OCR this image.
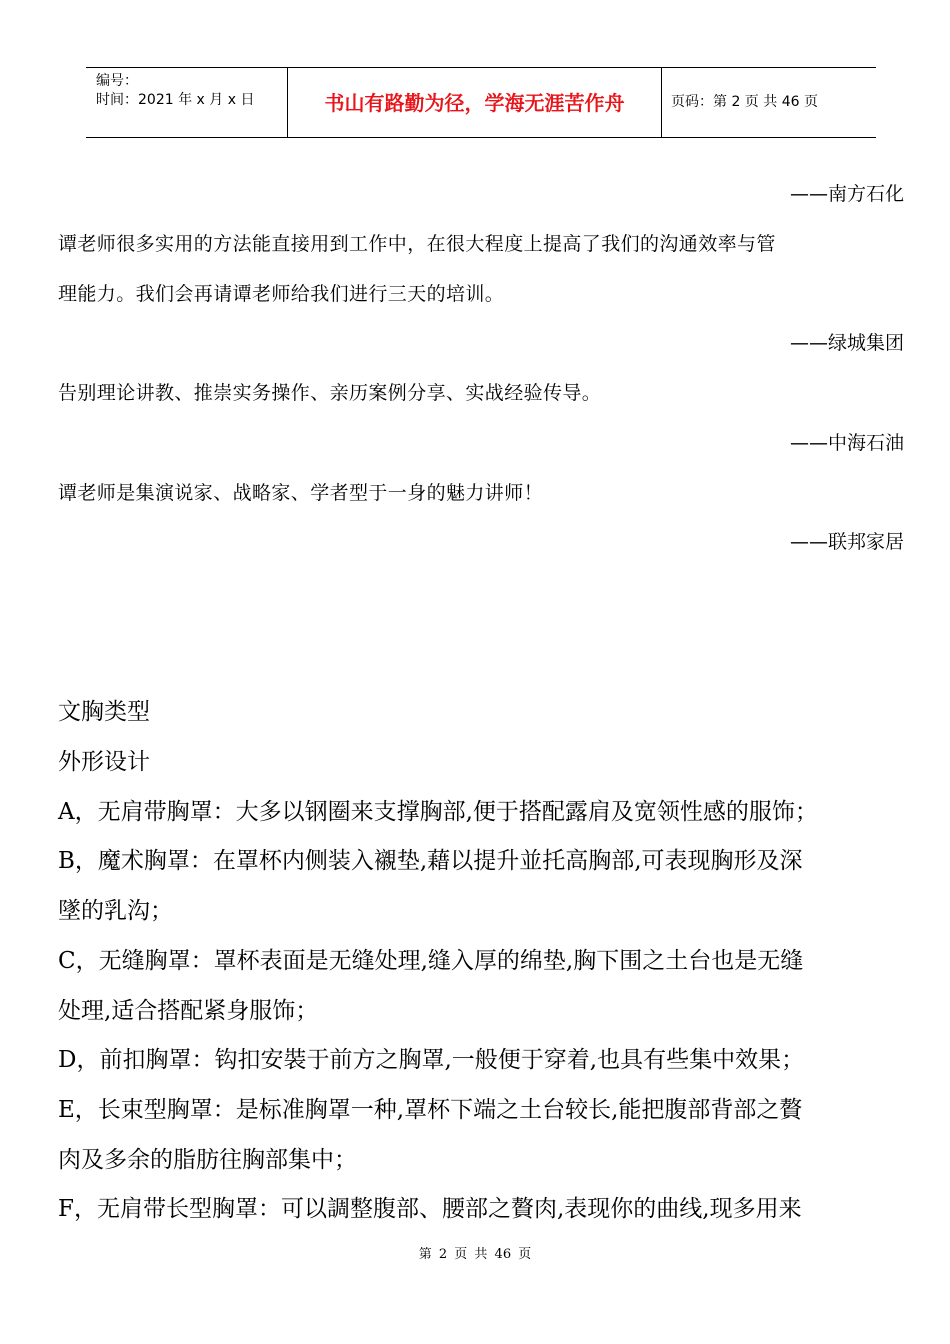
编号：
时间：2021 年 x 月 x 日	书山有路勤为径，学海无涯苦作舟	页码：第 2 页 共 46 页
——南方石化
谭老师很多实用的方法能直接用到工作中，在很大程度上提高了我们的沟通效率与管
理能力。我们会再请谭老师给我们进行三天的培训。
——绿城集团
告别理论讲教、推崇实务操作、亲历案例分享、实战经验传导。
——中海石油
谭老师是集演说家、战略家、学者型于一身的魅力讲师！
——联邦家居
文胸类型
外形设计
A，无肩带胸罩：大多以钢圈来支撑胸部,便于搭配露肩及宽领性感的服饰；
B，魔术胸罩：在罩杯内侧装入襯垫,藉以提升並托高胸部,可表现胸形及深
墜的乳沟；
C，无缝胸罩：罩杯表面是无缝处理,缝入厚的绵垫,胸下围之土台也是无缝
处理,适合搭配紧身服饰；
D，前扣胸罩：钩扣安裝于前方之胸罩,一般便于穿着,也具有些集中效果；
E，长束型胸罩：是标准胸罩一种,罩杯下端之土台较长,能把腹部背部之贅
肉及多余的脂肪往胸部集中；
F，无肩带长型胸罩：可以調整腹部、腰部之贅肉,表现你的曲线,现多用来
第 2 页 共 46 页
